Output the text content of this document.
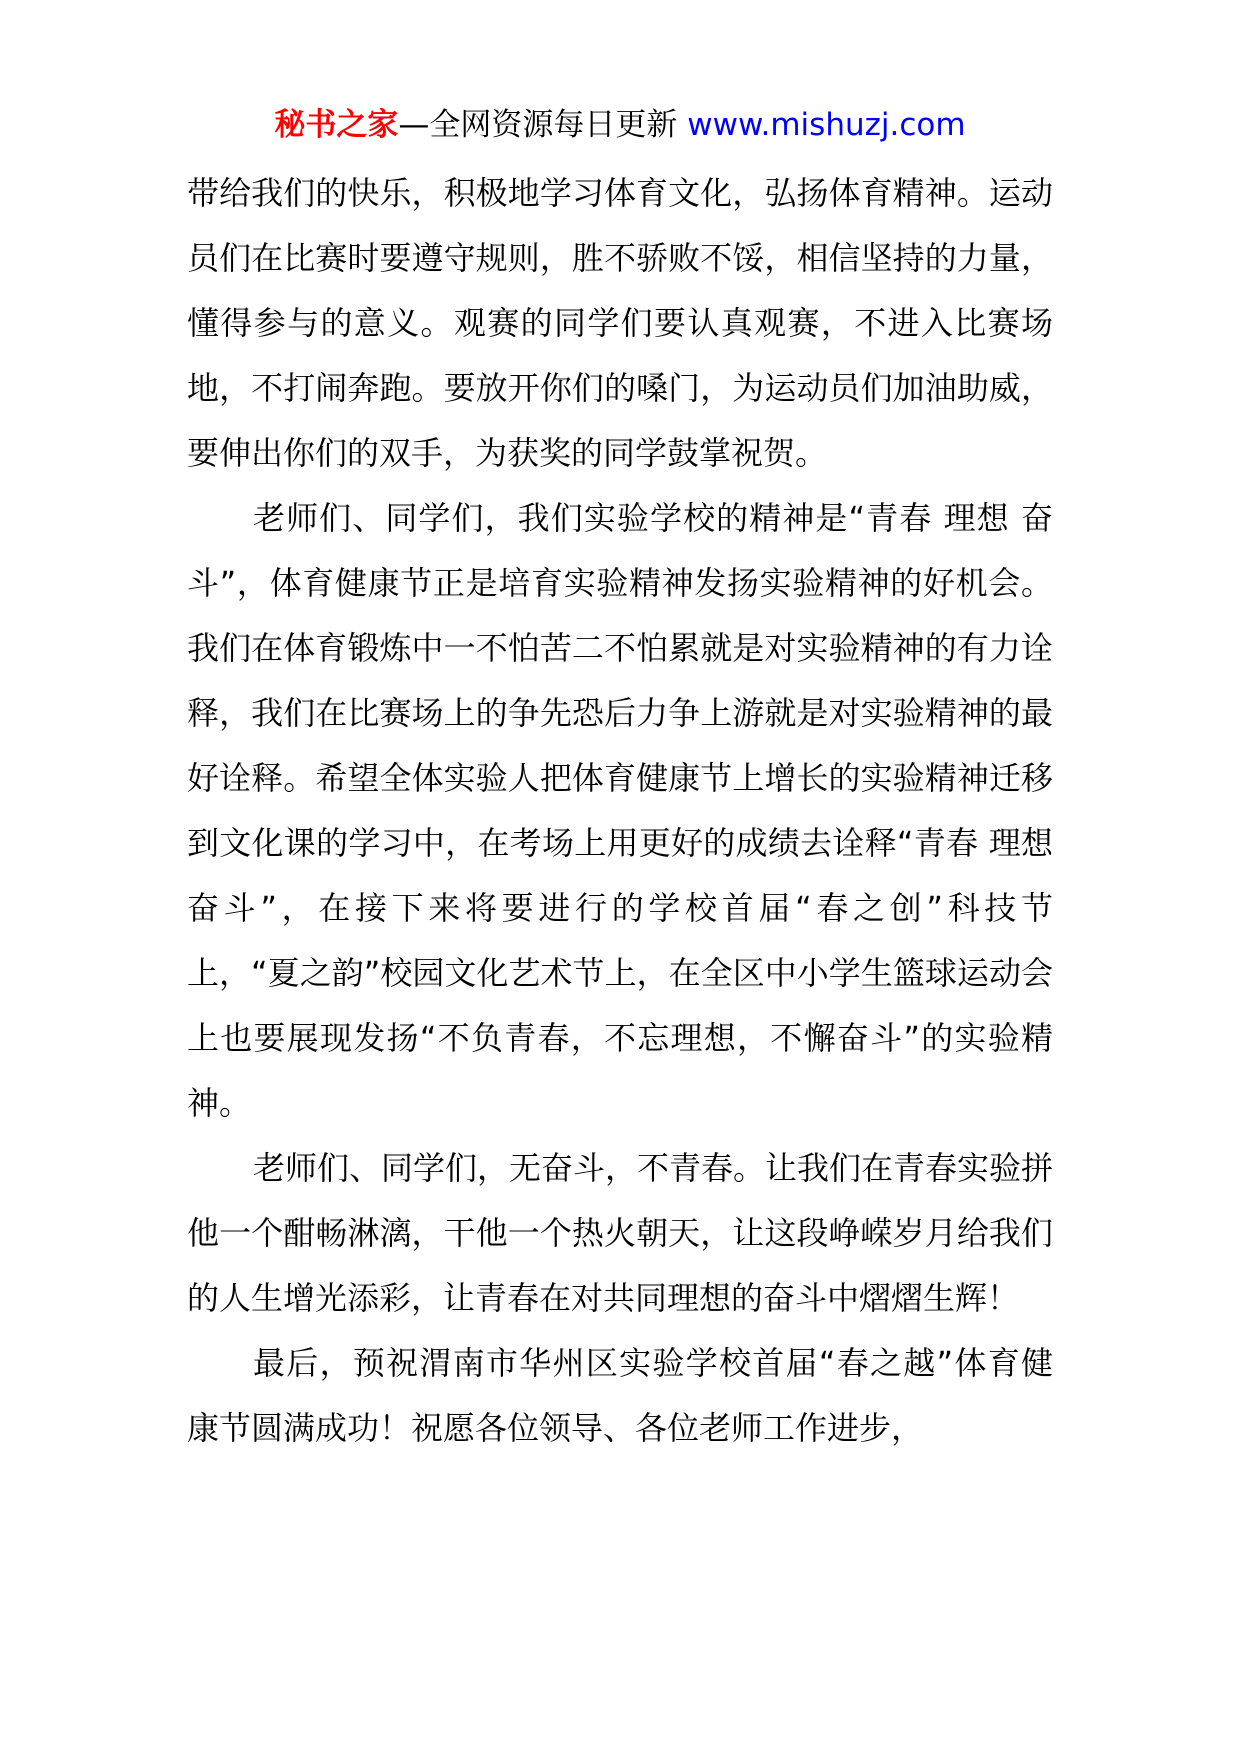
秘书之家—全网资源每日更新 www.mishuzj.com

带给我们的快乐，积极地学习体育文化，弘扬体育精神。运动员们在比赛时要遵守规则，胜不骄败不馁，相信坚持的力量，懂得参与的意义。观赛的同学们要认真观赛，不进入比赛场地，不打闹奔跑。要放开你们的嗓门，为运动员们加油助威，要伸出你们的双手，为获奖的同学鼓掌祝贺。

老师们、同学们，我们实验学校的精神是“青春 理想 奋斗”，体育健康节正是培育实验精神发扬实验精神的好机会。我们在体育锻炼中一不怕苦二不怕累就是对实验精神的有力诠释，我们在比赛场上的争先恐后力争上游就是对实验精神的最好诠释。希望全体实验人把体育健康节上增长的实验精神迁移到文化课的学习中，在考场上用更好的成绩去诠释“青春 理想 奋斗”，在接下来将要进行的学校首届“春之创”科技节上，“夏之韵”校园文化艺术节上，在全区中小学生篮球运动会上也要展现发扬“不负青春，不忘理想，不懈奋斗”的实验精神。

老师们、同学们，无奋斗，不青春。让我们在青春实验拼他一个酣畅淋漓，干他一个热火朝天，让这段峥嵘岁月给我们的人生增光添彩，让青春在对共同理想的奋斗中熠熠生辉！

最后，预祝渭南市华州区实验学校首届“春之越”体育健康节圆满成功！祝愿各位领导、各位老师工作进步，
